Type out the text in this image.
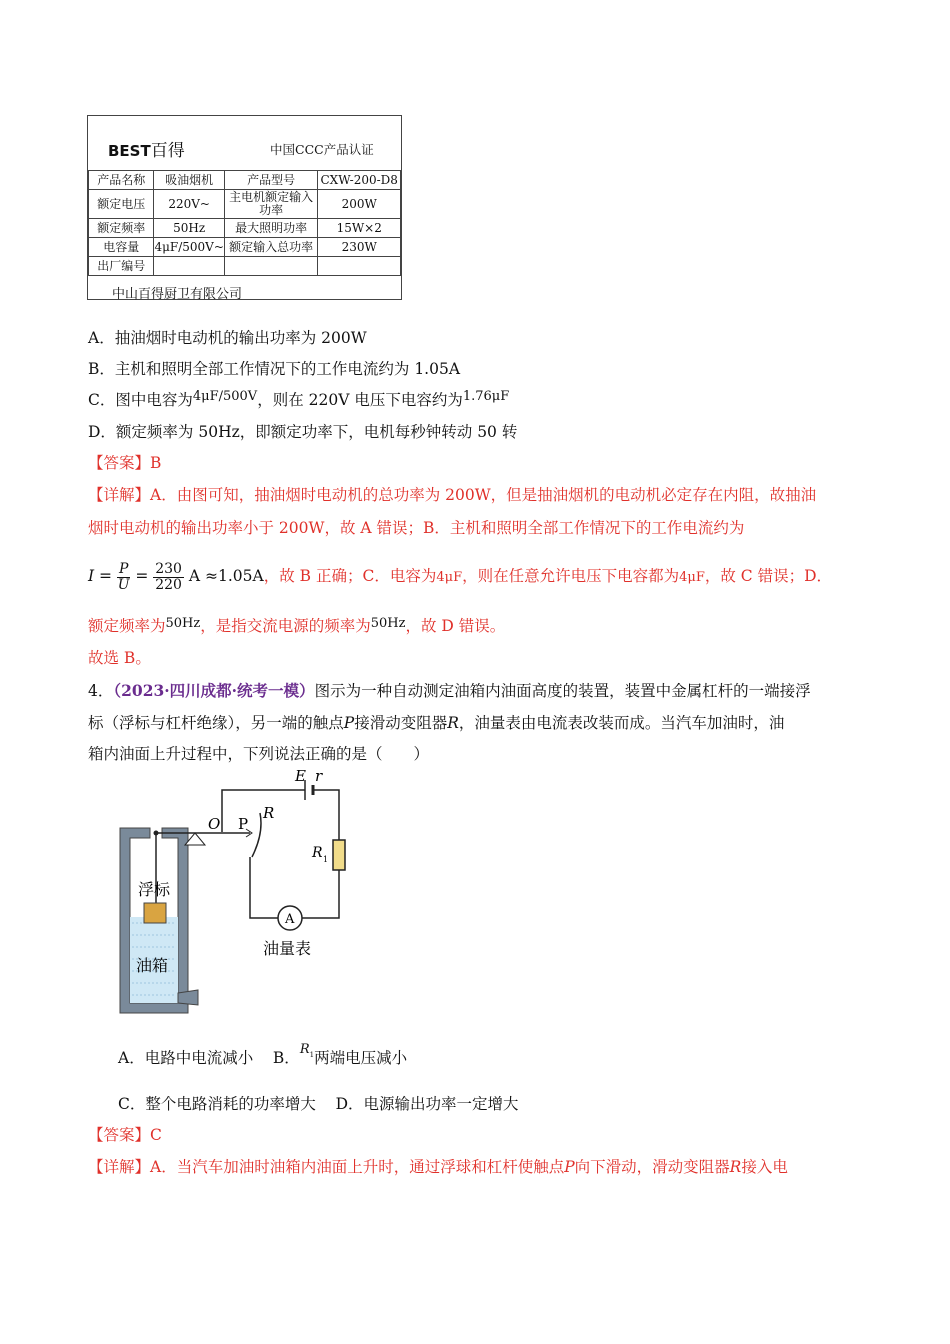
BEST百得	中国CCC产品认证
产品名称	吸油烟机	产品型号	CXW-200-D8
额定电压	220V~	主电机额定输入功率	200W
额定频率	50Hz	最大照明功率	15W×2
电容量	4μF/500V~	额定输入总功率	230W
出厂编号			
中山百得厨卫有限公司
A．抽油烟时电动机的输出功率为 200W
B．主机和照明全部工作情况下的工作电流约为 1.05A
C．图中电容为$^{4\mu F/500V}$，则在 220V 电压下电容约为$^{1.76\mu F}$
D．额定频率为 50Hz，即额定功率下，电机每秒钟转动 50 转
【答案】B
【详解】A．由图可知，抽油烟时电动机的总功率为 200W，但是抽油烟机的电动机必定存在内阻，故抽油
烟时电动机的输出功率小于 200W，故 A 错误；B．主机和照明全部工作情况下的工作电流约为
$I = \frac{P}{U} = \frac{230}{220}$ A ≈1.05A，故 B 正确；C．电容为4μF，则在任意允许电压下电容都为4μF，故 C 错误；D．
额定频率为$^{50Hz}$，是指交流电源的频率为$^{50Hz}$，故 D 错误。
故选 B。
4．（2023·四川成都·统考一模）图示为一种自动测定油箱内油面高度的装置，装置中金属杠杆的一端接浮
标（浮标与杠杆绝缘），另一端的触点P接滑动变阻器R，油量表由电流表改装而成。当汽车加油时，油
箱内油面上升过程中，下列说法正确的是（　　）
E r
O P
R
R 1
A
浮标
油箱
油量表
A．电路中电流减小 B．$^{R1}$两端电压减小
C．整个电路消耗的功率增大 D．电源输出功率一定增大
【答案】C
【详解】A．当汽车加油时油箱内油面上升时，通过浮球和杠杆使触点P向下滑动，滑动变阻器R接入电
